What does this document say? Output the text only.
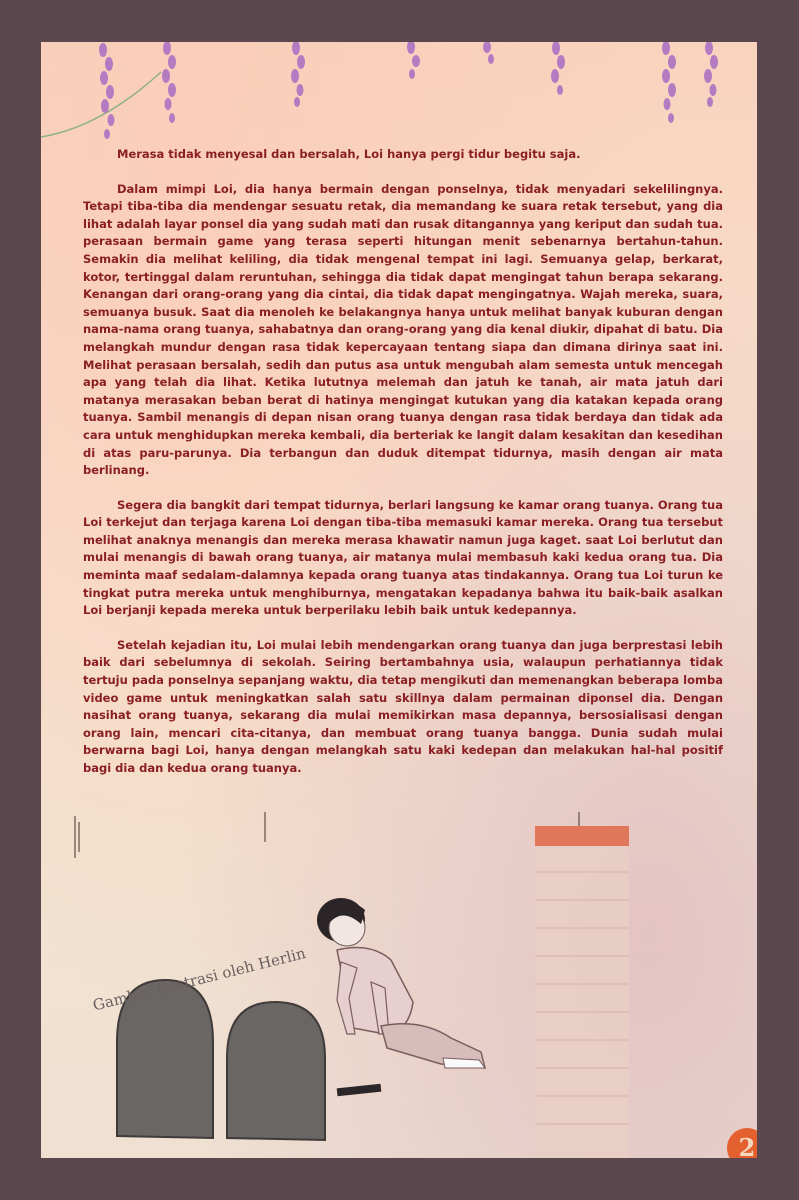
Merasa tidak menyesal dan bersalah, Loi hanya pergi tidur begitu saja.

Dalam mimpi Loi, dia hanya bermain dengan ponselnya, tidak menyadari sekelilingnya. Tetapi tiba-tiba dia mendengar sesuatu retak, dia memandang ke suara retak tersebut, yang dia lihat adalah layar ponsel dia yang sudah mati dan rusak ditangannya yang keriput dan sudah tua. perasaan bermain game yang terasa seperti hitungan menit sebenarnya bertahun-tahun. Semakin dia melihat keliling, dia tidak mengenal tempat ini lagi. Semuanya gelap, berkarat, kotor, tertinggal dalam reruntuhan, sehingga dia tidak dapat mengingat tahun berapa sekarang. Kenangan dari orang-orang yang dia cintai, dia tidak dapat mengingatnya. Wajah mereka, suara, semuanya busuk. Saat dia menoleh ke belakangnya hanya untuk melihat banyak kuburan dengan nama-nama orang tuanya, sahabatnya dan orang-orang yang dia kenal diukir, dipahat di batu. Dia melangkah mundur dengan rasa tidak kepercayaan tentang siapa dan dimana dirinya saat ini. Melihat perasaan bersalah, sedih dan putus asa untuk mengubah alam semesta untuk mencegah apa yang telah dia lihat. Ketika lututnya melemah dan jatuh ke tanah, air mata jatuh dari matanya merasakan beban berat di hatinya mengingat kutukan yang dia katakan kepada orang tuanya. Sambil menangis di depan nisan orang tuanya dengan rasa tidak berdaya dan tidak ada cara untuk menghidupkan mereka kembali, dia berteriak ke langit dalam kesakitan dan kesedihan di atas paru-parunya. Dia terbangun dan duduk ditempat tidurnya, masih dengan air mata berlinang.

Segera dia bangkit dari tempat tidurnya, berlari langsung ke kamar orang tuanya. Orang tua Loi terkejut dan terjaga karena Loi dengan tiba-tiba memasuki kamar mereka. Orang tua tersebut melihat anaknya menangis dan mereka merasa khawatir namun juga kaget. saat Loi berlutut dan mulai menangis di bawah orang tuanya, air matanya mulai membasuh kaki kedua orang tua. Dia meminta maaf sedalam-dalamnya kepada orang tuanya atas tindakannya. Orang tua Loi turun ke tingkat putra mereka untuk menghiburnya, mengatakan kepadanya bahwa itu baik-baik asalkan Loi berjanji kepada mereka untuk berperilaku lebih baik untuk kedepannya.

Setelah kejadian itu, Loi mulai lebih mendengarkan orang tuanya dan juga berprestasi lebih baik dari sebelumnya di sekolah. Seiring bertambahnya usia, walaupun perhatiannya tidak tertuju pada ponselnya sepanjang waktu, dia tetap mengikuti dan memenangkan beberapa lomba video game untuk meningkatkan salah satu skillnya dalam permainan diponsel dia. Dengan nasihat orang tuanya, sekarang dia mulai memikirkan masa depannya, bersosialisasi dengan orang lain, mencari cita-citanya, dan membuat orang tuanya bangga. Dunia sudah mulai berwarna bagi Loi, hanya dengan melangkah satu kaki kedepan dan melakukan hal-hal positif bagi dia dan kedua orang tuanya.

Gambar Ilustrasi oleh Herlin
2
